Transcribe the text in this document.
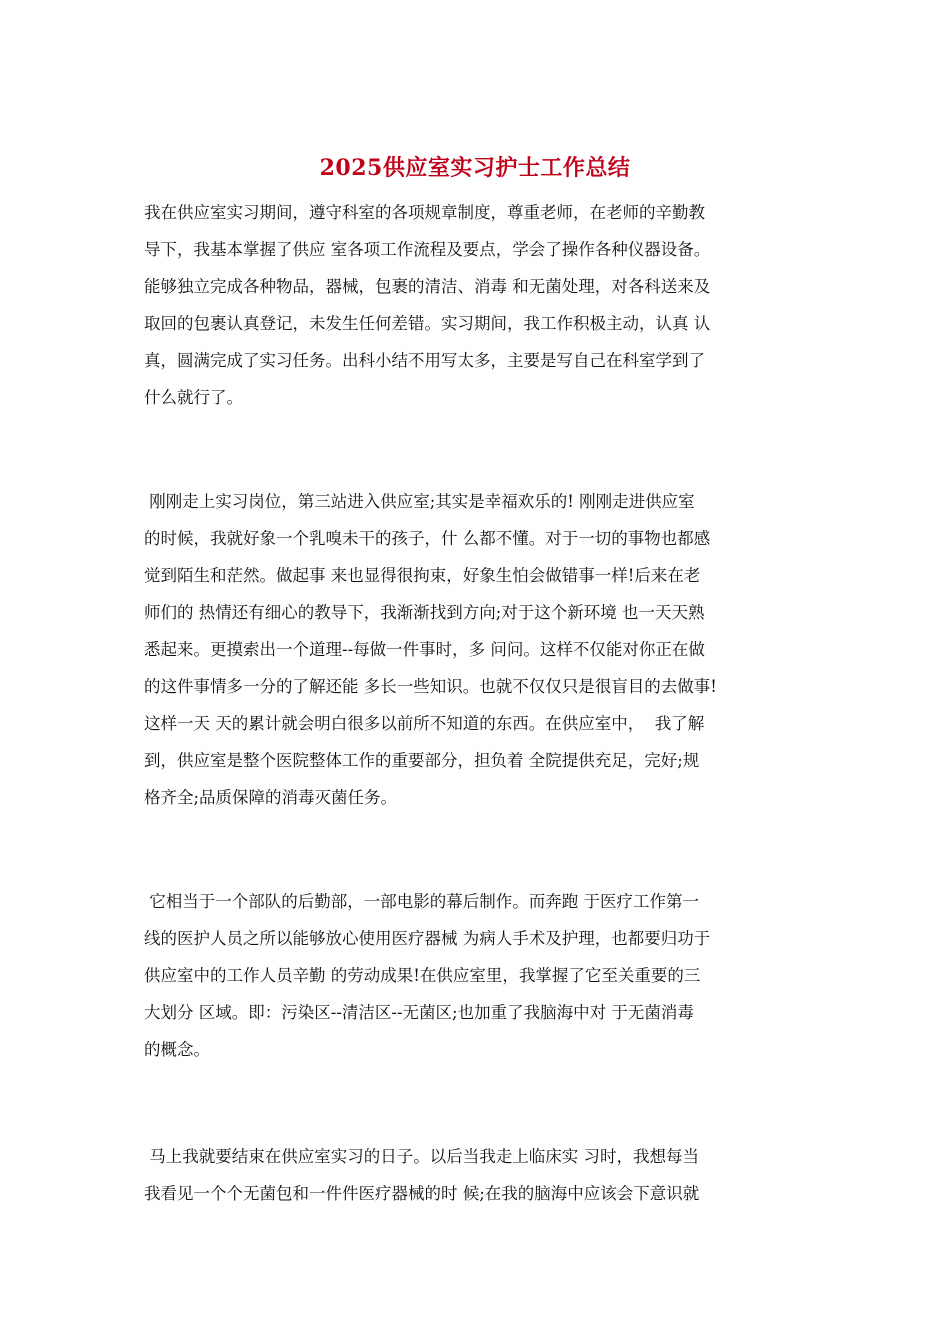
2025供应室实习护士工作总结
我在供应室实习期间，遵守科室的各项规章制度，尊重老师，在老师的辛勤教
导下，我基本掌握了供应 室各项工作流程及要点，学会了操作各种仪器设备。
能够独立完成各种物品，器械，包裹的清洁、消毒 和无菌处理，对各科送来及
取回的包裹认真登记，未发生任何差错。实习期间，我工作积极主动，认真 认
真，圆满完成了实习任务。出科小结不用写太多，主要是写自己在科室学到了
什么就行了。
刚刚走上实习岗位，第三站进入供应室;其实是幸福欢乐的! 刚刚走进供应室
的时候，我就好象一个乳嗅未干的孩子，什 么都不懂。对于一切的事物也都感
觉到陌生和茫然。做起事 来也显得很拘束，好象生怕会做错事一样!后来在老
师们的 热情还有细心的教导下，我渐渐找到方向;对于这个新环境 也一天天熟
悉起来。更摸索出一个道理--每做一件事时，多 问问。这样不仅能对你正在做
的这件事情多一分的了解还能 多长一些知识。也就不仅仅只是很盲目的去做事!
这样一天 天的累计就会明白很多以前所不知道的东西。在供应室中，  我了解
到，供应室是整个医院整体工作的重要部分，担负着 全院提供充足，完好;规
格齐全;品质保障的消毒灭菌任务。
它相当于一个部队的后勤部，一部电影的幕后制作。而奔跑 于医疗工作第一
线的医护人员之所以能够放心使用医疗器械 为病人手术及护理，也都要归功于
供应室中的工作人员辛勤 的劳动成果!在供应室里，我掌握了它至关重要的三
大划分 区域。即：污染区--清洁区--无菌区;也加重了我脑海中对 于无菌消毒
的概念。
马上我就要结束在供应室实习的日子。以后当我走上临床实 习时，我想每当
我看见一个个无菌包和一件件医疗器械的时 候;在我的脑海中应该会下意识就
